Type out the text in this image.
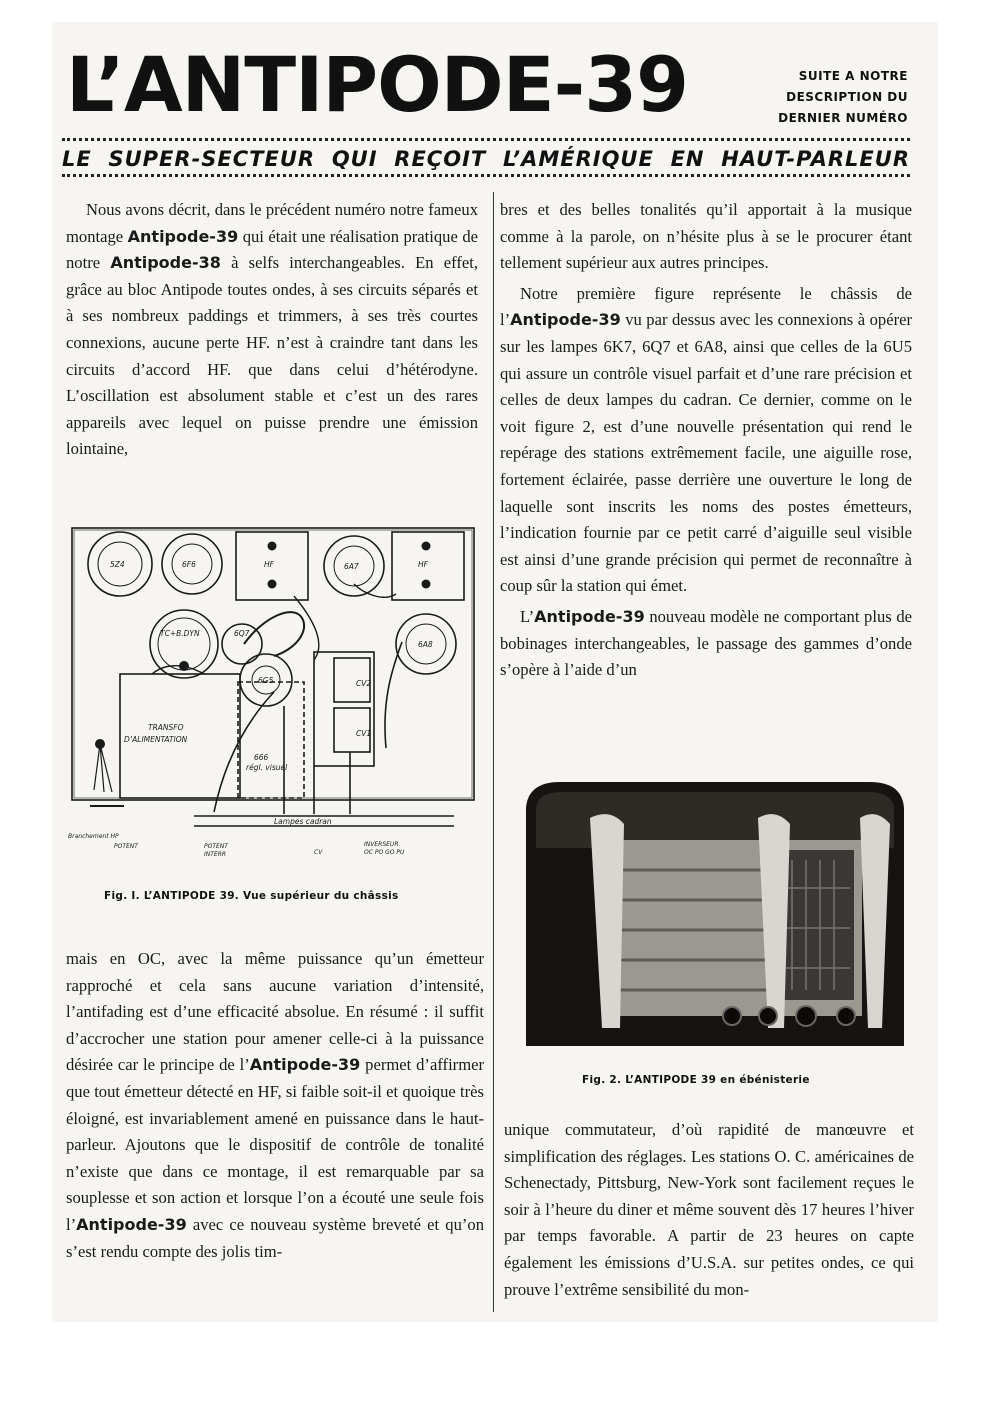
L’ANTIPODE-39	SUITE A NOTRE
DESCRIPTION DU
DERNIER NUMÉRO
LE SUPER-SECTEUR QUI REÇOIT L’AMÉRIQUE EN HAUT-PARLEUR

Nous avons décrit, dans le précédent numéro notre fameux montage Antipode-39 qui était une réalisation pratique de notre Antipode-38 à selfs interchangeables. En effet, grâce au bloc Antipode toutes ondes, à ses circuits séparés et à ses nombreux paddings et trimmers, à ses très courtes connexions, aucune perte HF. n’est à craindre tant dans les circuits d’accord HF. que dans celui d’hétérodyne. L’oscillation est absolument stable et c’est un des rares appareils avec lequel on puisse prendre une émission lointaine,

5Z4	6F6	HF	6A7	HF
TC+B.DYN	6Q7
6G5
6A8
CV2
CV1
TRANSFO
D’ALIMENTATION
666
régl. visuel
Lampes cadran
Branchement HP
POTENT	POTENT
INTERR	CV
INVERSEUR
OC PO GO PU
Fig. I. L’ANTIPODE 39. Vue supérieur du châssis

mais en OC, avec la même puissance qu’un émetteur rapproché et cela sans aucune variation d’intensité, l’antifading est d’une efficacité absolue. En résumé : il suffit d’accrocher une station pour amener celle-ci à la puissance désirée car le principe de l’Antipode-39 permet d’affirmer que tout émetteur détecté en HF, si faible soit-il et quoique très éloigné, est invariablement amené en puissance dans le haut-parleur. Ajoutons que le dispositif de contrôle de tonalité n’existe que dans ce montage, il est remarquable par sa souplesse et son action et lorsque l’on a écouté une seule fois l’Antipode-39 avec ce nouveau système breveté et qu’on s’est rendu compte des jolis tim-

bres et des belles tonalités qu’il apportait à la musique comme à la parole, on n’hésite plus à se le procurer étant tellement supérieur aux autres principes.

Notre première figure représente le châssis de l’Antipode-39 vu par dessus avec les connexions à opérer sur les lampes 6K7, 6Q7 et 6A8, ainsi que celles de la 6U5 qui assure un contrôle visuel parfait et d’une rare précision et celles de deux lampes du cadran. Ce dernier, comme on le voit figure 2, est d’une nouvelle présentation qui rend le repérage des stations extrêmement facile, une aiguille rose, fortement éclairée, passe derrière une ouverture le long de laquelle sont inscrits les noms des postes émetteurs, l’indication fournie par ce petit carré d’aiguille seul visible est ainsi d’une grande précision qui permet de reconnaître à coup sûr la station qui émet.

L’Antipode-39 nouveau modèle ne comportant plus de bobinages interchangeables, le passage des gammes d’onde s’opère à l’aide d’un

Fig. 2. L’ANTIPODE 39 en ébénisterie

unique commutateur, d’où rapidité de manœuvre et simplification des réglages. Les stations O. C. américaines de Schenectady, Pittsburg, New-York sont facilement reçues le soir à l’heure du diner et même souvent dès 17 heures l’hiver par temps favorable. A partir de 23 heures on capte également les émissions d’U.S.A. sur petites ondes, ce qui prouve l’extrême sensibilité du mon-
